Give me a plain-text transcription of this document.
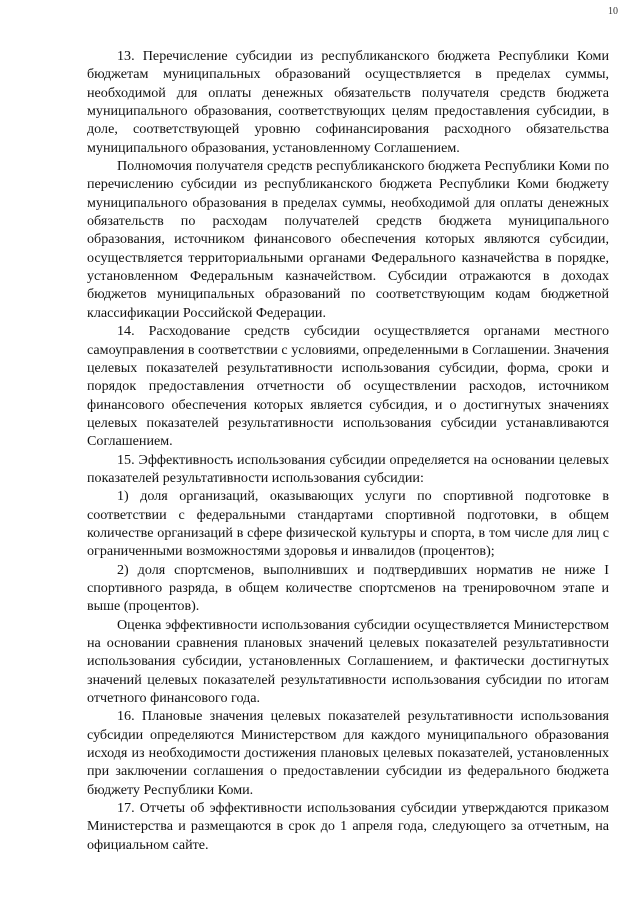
10

13. Перечисление субсидии из республиканского бюджета Республики Коми бюджетам муниципальных образований осуществляется в пределах суммы, необходимой для оплаты денежных обязательств получателя средств бюджета муниципального образования, соответствующих целям предоставления субсидии, в доле, соответствующей уровню софинансирования расходного обязательства муниципального образования, установленному Соглашением.

Полномочия получателя средств республиканского бюджета Республики Коми по перечислению субсидии из республиканского бюджета Республики Коми бюджету муниципального образования в пределах суммы, необходимой для оплаты денежных обязательств по расходам получателей средств бюджета муниципального образования, источником финансового обеспечения которых являются субсидии, осуществляется территориальными органами Федерального казначейства в порядке, установленном Федеральным казначейством. Субсидии отражаются в доходах бюджетов муниципальных образований по соответствующим кодам бюджетной классификации Российской Федерации.

14. Расходование средств субсидии осуществляется органами местного самоуправления в соответствии с условиями, определенными в Соглашении. Значения целевых показателей результативности использования субсидии, форма, сроки и порядок предоставления отчетности об осуществлении расходов, источником финансового обеспечения которых является субсидия, и о достигнутых значениях целевых показателей результативности использования субсидии устанавливаются Соглашением.

15. Эффективность использования субсидии определяется на основании целевых показателей результативности использования субсидии:

1) доля организаций, оказывающих услуги по спортивной подготовке в соответствии с федеральными стандартами спортивной подготовки, в общем количестве организаций в сфере физической культуры и спорта, в том числе для лиц с ограниченными возможностями здоровья и инвалидов (процентов);

2) доля спортсменов, выполнивших и подтвердивших норматив не ниже I спортивного разряда, в общем количестве спортсменов на тренировочном этапе и выше (процентов).

Оценка эффективности использования субсидии осуществляется Министерством на основании сравнения плановых значений целевых показателей результативности использования субсидии, установленных Соглашением, и фактически достигнутых значений целевых показателей результативности использования субсидии по итогам отчетного финансового года.

16. Плановые значения целевых показателей результативности использования субсидии определяются Министерством для каждого муниципального образования исходя из необходимости достижения плановых целевых показателей, установленных при заключении соглашения о предоставлении субсидии из федерального бюджета бюджету Республики Коми.

17. Отчеты об эффективности использования субсидии утверждаются приказом Министерства и размещаются в срок до 1 апреля года, следующего за отчетным, на официальном сайте.
